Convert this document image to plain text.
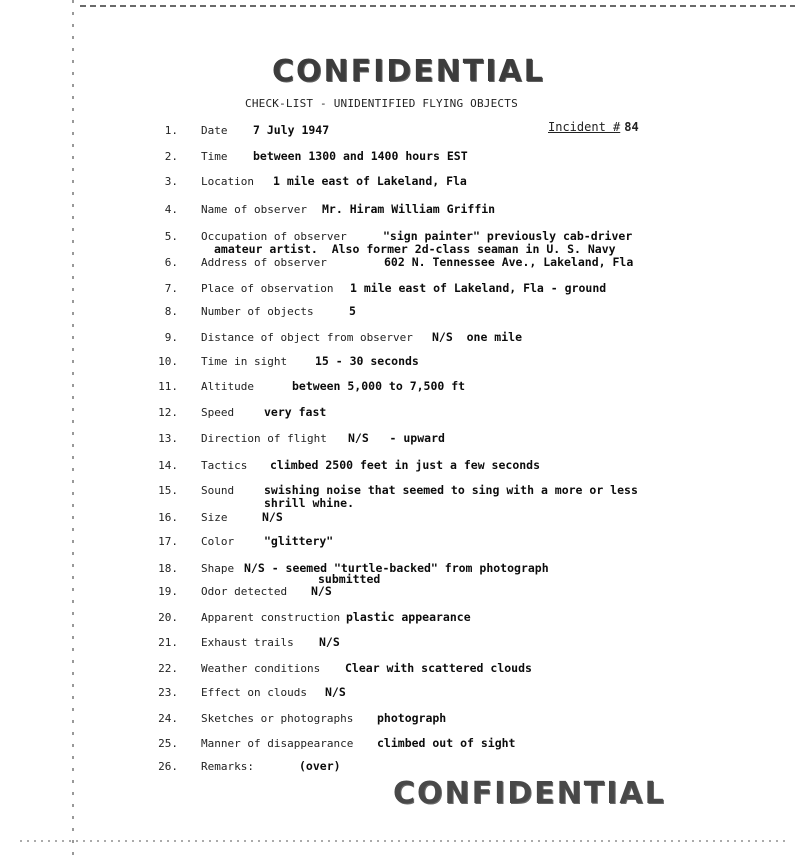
CONFIDENTIAL
CHECK-LIST - UNIDENTIFIED FLYING OBJECTS
Incident # 84
1. Date 7 July 1947
2. Time between 1300 and 1400 hours EST
3. Location 1 mile east of Lakeland, Fla
4. Name of observer Mr. Hiram William Griffin
5. Occupation of observer	"sign painter" previously cab-driver
amateur artist.  Also former 2d-class seaman in U. S. Navy
6. Address of observer	602 N. Tennessee Ave., Lakeland, Fla
7. Place of observation 1 mile east of Lakeland, Fla - ground
8. Number of objects	5
9. Distance of object from observer N/S  one mile
10. Time in sight 15 - 30 seconds
11. Altitude	between 5,000 to 7,500 ft
12. Speed	very fast
13. Direction of flight N/S   - upward
14. Tactics climbed 2500 feet in just a few seconds
15. Sound	swishing noise that seemed to sing with a more or less
shrill whine.
16. Size	N/S
17. Color	"glittery"
18. Shape N/S - seemed "turtle-backed" from photograph
submitted
19. Odor detected N/S
20. Apparent construction plastic appearance
21. Exhaust trails N/S
22. Weather conditions Clear with scattered clouds
23. Effect on clouds N/S
24. Sketches or photographs photograph
25. Manner of disappearance climbed out of sight
26. Remarks:	(over)
CONFIDENTIAL
